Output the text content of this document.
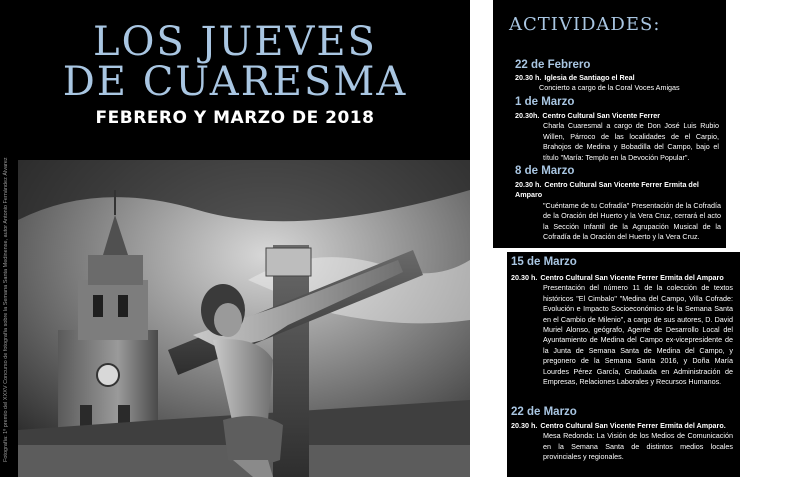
LOS JUEVES
DE CUARESMA
FEBRERO Y MARZO DE 2018
Fotografía: 1º premio del XXXV Concurso de fotografía sobre la Semana Santa Medinense, autor Antonio Fernández Álvarez
ACTIVIDADES:
22 de Febrero
20.30 h. Iglesia de Santiago el Real
Concierto a cargo de la Coral Voces Amigas
1 de Marzo
20.30h. Centro Cultural San Vicente Ferrer
Charla Cuaresmal a cargo de Don José Luis Rubio Willen, Párroco de las localidades de el Carpio, Brahojos de Medina y Bobadilla del Campo, bajo el título "María: Templo en la Devoción Popular".
8 de Marzo
20.30 h. Centro Cultural San Vicente Ferrer Ermita del Amparo
"Cuéntame de tu Cofradía" Presentación de la Cofradía de la Oración del Huerto y la Vera Cruz, cerrará el acto la Sección Infantil de la Agrupación Musical de la Cofradía de la Oración del Huerto y la Vera Cruz.
15 de Marzo
20.30 h. Centro Cultural San Vicente Ferrer Ermita del Amparo
Presentación del número 11 de la colección de textos históricos "El Cimbalo" "Medina del Campo, Villa Cofrade: Evolución e Impacto Socioeconómico de la Semana Santa en el Cambio de Milenio", a cargo de sus autores, D. David Muriel Alonso, geógrafo, Agente de Desarrollo Local del Ayuntamiento de Medina del Campo ex-vicepresidente de la Junta de Semana Santa de Medina del Campo, y pregonero de la Semana Santa 2016, y Doña María Lourdes Pérez García, Graduada en Administración de Empresas, Relaciones Laborales y Recursos Humanos.
22 de Marzo
20.30 h. Centro Cultural San Vicente Ferrer Ermita del Amparo.
Mesa Redonda: La Visión de los Medios de Comunicación en la Semana Santa de distintos medios locales provinciales y regionales.
